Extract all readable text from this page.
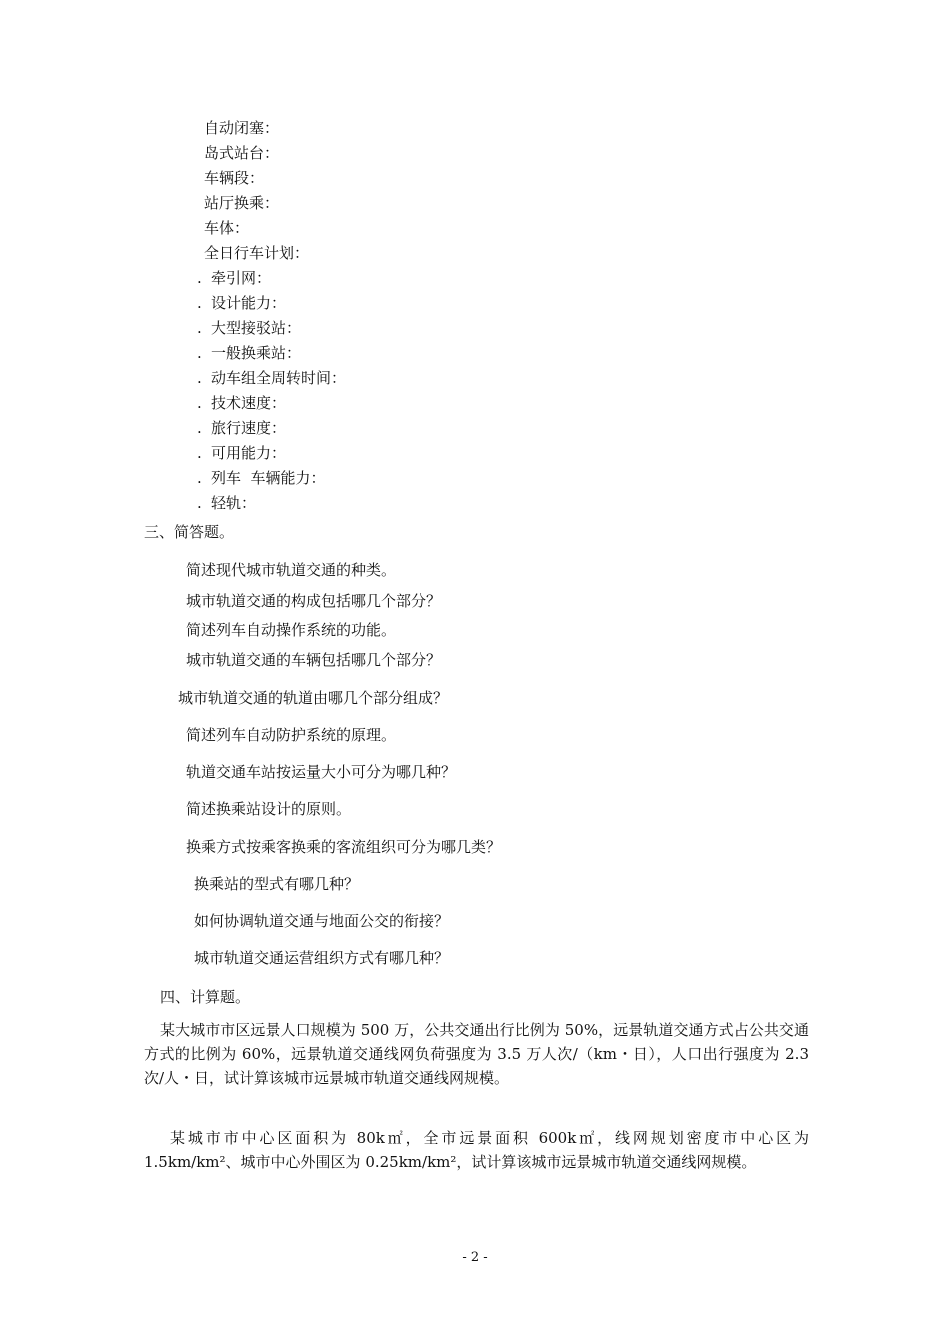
自动闭塞：
岛式站台：
车辆段：
站厅换乘：
车体：
全日行车计划：
. 牵引网：
. 设计能力：
. 大型接驳站：
. 一般换乘站：
. 动车组全周转时间：
. 技术速度：
. 旅行速度：
. 可用能力：
. 列车  车辆能力：
. 轻轨：
三、简答题。
简述现代城市轨道交通的种类。
城市轨道交通的构成包括哪几个部分？
简述列车自动操作系统的功能。
城市轨道交通的车辆包括哪几个部分？
城市轨道交通的轨道由哪几个部分组成？
简述列车自动防护系统的原理。
轨道交通车站按运量大小可分为哪几种？
简述换乘站设计的原则。
换乘方式按乘客换乘的客流组织可分为哪几类？
换乘站的型式有哪几种？
如何协调轨道交通与地面公交的衔接？
城市轨道交通运营组织方式有哪几种？
四、计算题。
某大城市市区远景人口规模为 500 万，公共交通出行比例为 50%，远景轨道交通方式占公共交通方式的比例为 60%，远景轨道交通线网负荷强度为 3.5 万人次/（km・日），人口出行强度为 2.3 次/人・日，试计算该城市远景城市轨道交通线网规模。
某城市市中心区面积为 80k㎡，全市远景面积 600k㎡，线网规划密度市中心区为 1.5km/km²、城市中心外围区为 0.25km/km²，试计算该城市远景城市轨道交通线网规模。
- 2 -
